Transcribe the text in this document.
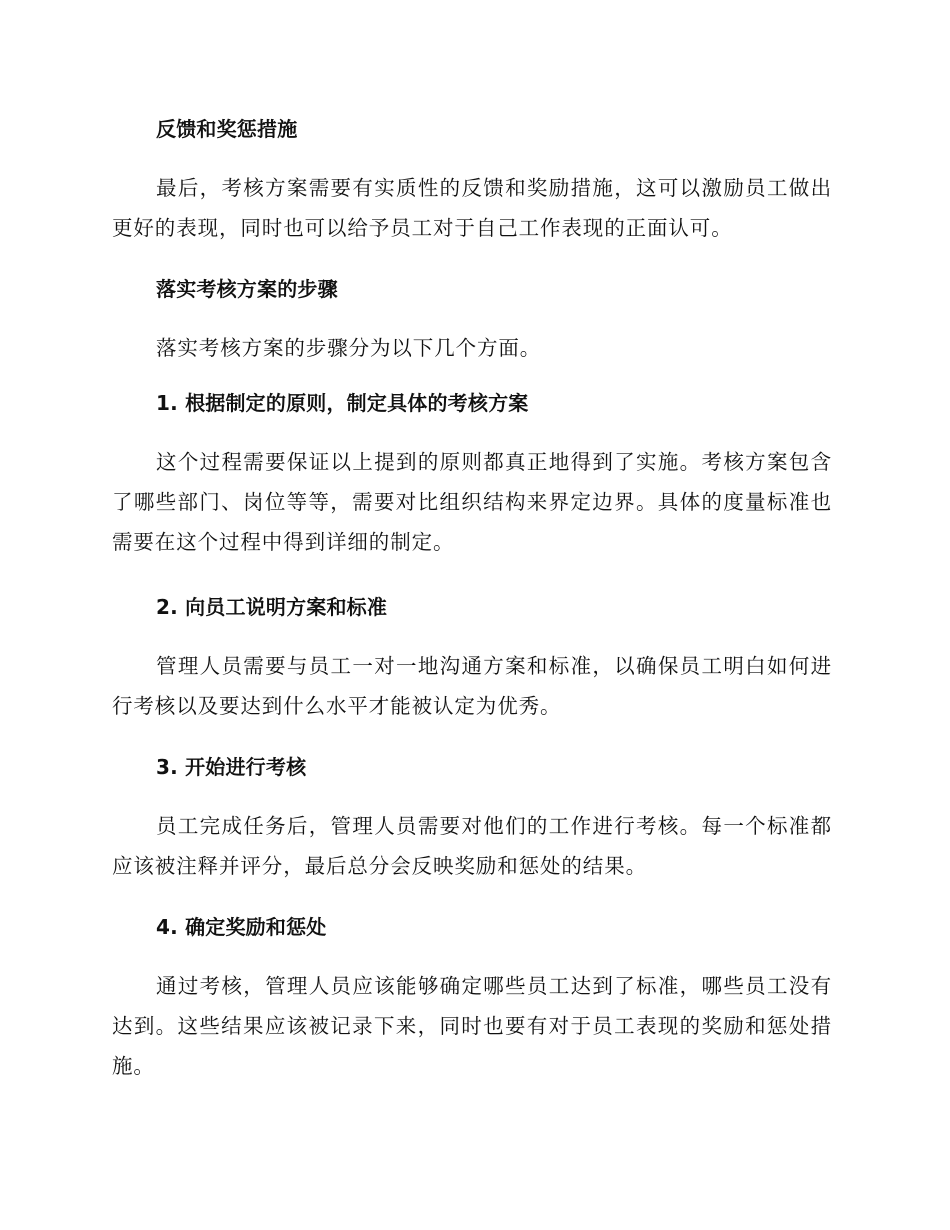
反馈和奖惩措施

最后，考核方案需要有实质性的反馈和奖励措施，这可以激励员工做出更好的表现，同时也可以给予员工对于自己工作表现的正面认可。

落实考核方案的步骤

落实考核方案的步骤分为以下几个方面。

1. 根据制定的原则，制定具体的考核方案

这个过程需要保证以上提到的原则都真正地得到了实施。考核方案包含了哪些部门、岗位等等，需要对比组织结构来界定边界。具体的度量标准也需要在这个过程中得到详细的制定。

2. 向员工说明方案和标准

管理人员需要与员工一对一地沟通方案和标准，以确保员工明白如何进行考核以及要达到什么水平才能被认定为优秀。

3. 开始进行考核

员工完成任务后，管理人员需要对他们的工作进行考核。每一个标准都应该被注释并评分，最后总分会反映奖励和惩处的结果。

4. 确定奖励和惩处

通过考核，管理人员应该能够确定哪些员工达到了标准，哪些员工没有达到。这些结果应该被记录下来，同时也要有对于员工表现的奖励和惩处措施。
